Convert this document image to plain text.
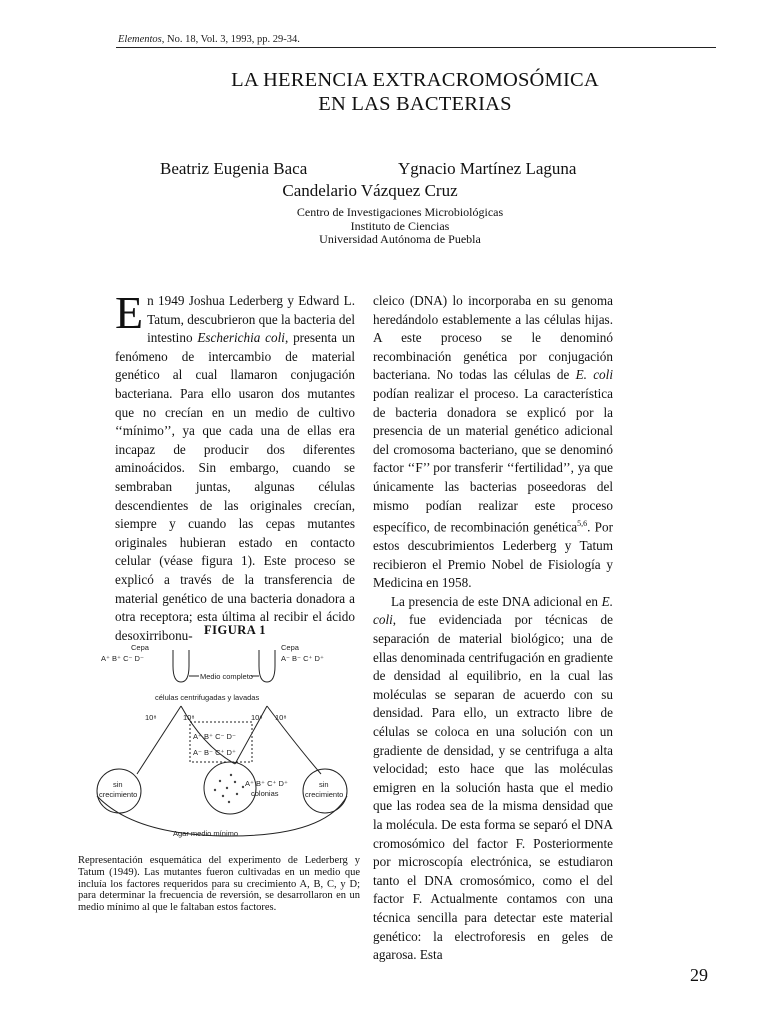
Elementos, No. 18, Vol. 3, 1993, pp. 29-34.
LA HERENCIA EXTRACROMOSÓMICA
EN LAS BACTERIAS
Beatriz Eugenia Baca	Ygnacio Martínez Laguna
Candelario Vázquez Cruz
Centro de Investigaciones Microbiológicas
Instituto de Ciencias
Universidad Autónoma de Puebla

En 1949 Joshua Lederberg y Edward L. Tatum, descubrieron que la bacteria del intestino Escherichia coli, presenta un fenómeno de intercambio de material genético al cual llamaron conjugación bacteriana. Para ello usaron dos mutantes que no crecían en un medio de cultivo ‘‘mínimo’’, ya que cada una de ellas era incapaz de producir dos diferentes aminoácidos. Sin embargo, cuando se sembraban juntas, algunas células descendientes de las originales crecían, siempre y cuando las cepas mutantes originales hubieran estado en contacto celular (véase figura 1). Este proceso se explicó a través de la transferencia de material genético de una bacteria donadora a otra receptora; esta última al recibir el ácido desoxirribonu-

cleico (DNA) lo incorporaba en su genoma heredándolo establemente a las células hijas. A este proceso se le denominó recombinación genética por conjugación bacteriana. No todas las células de E. coli podían realizar el proceso. La característica de bacteria donadora se explicó por la presencia de un material genético adicional del cromosoma bacteriano, que se denominó factor ‘‘F’’ por transferir ‘‘fertilidad’’, ya que únicamente las bacterias poseedoras del mismo podían realizar este proceso específico, de recombinación genética$^{5,6}$. Por estos descubrimientos Lederberg y Tatum recibieron el Premio Nobel de Fisiología y Medicina en 1958.

La presencia de este DNA adicional en E. coli, fue evidenciada por técnicas de separación de material biológico; una de ellas denominada centrifugación en gradiente de densidad al equilibrio, en la cual las moléculas se separan de acuerdo con su densidad. Para ello, un extracto libre de células se coloca en una solución con un gradiente de densidad, y se centrifuga a alta velocidad; esto hace que las moléculas emigren en la solución hasta que el medio que las rodea sea de la misma densidad que la molécula. De esta forma se separó el DNA cromosómico del factor F. Posteriormente por microscopía electrónica, se estudiaron tanto el DNA cromosómico, como el del factor F. Actualmente contamos con una técnica sencilla para detectar este material genético: la electroforesis en geles de agarosa. Esta

FIGURA 1
Cepa
A⁺ B⁺ C⁻ D⁻
Cepa
A⁻ B⁻ C⁺ D⁺
Medio completo
células centrifugadas y lavadas
10⁸	10⁸	10⁸ 10⁸
A⁺ B⁺ C⁻ D⁻
A⁻ B⁻ C⁺ D⁺
A⁺ B⁺ C⁺ D⁺
colonias
sin
crecimiento
sin
crecimiento
Agar medio mínimo
Representación esquemática del experimento de Lederberg y Tatum (1949). Las mutantes fueron cultivadas en un medio que incluía los factores requeridos para su crecimiento A, B, C, y D; para determinar la frecuencia de reversión, se desarrollaron en un medio mínimo al que le faltaban estos factores.
29
